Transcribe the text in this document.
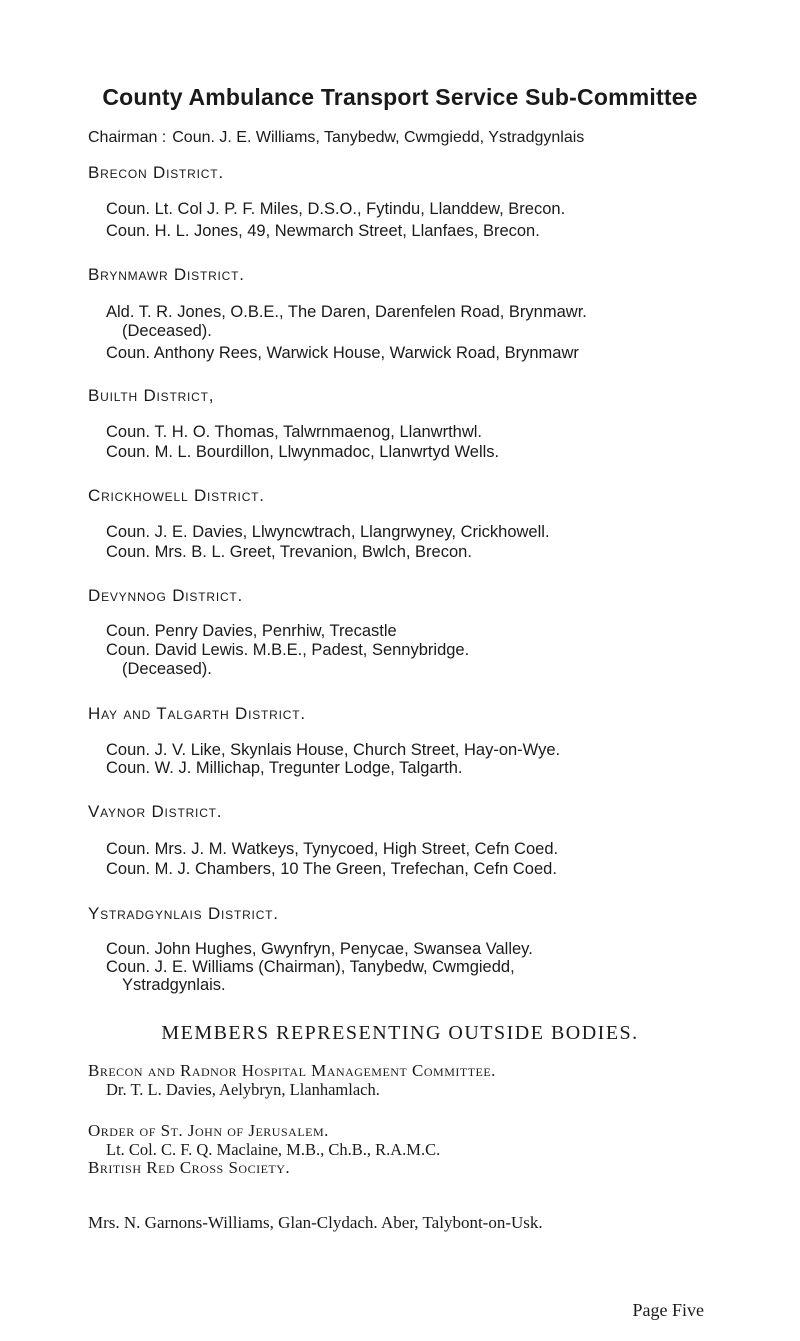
County Ambulance Transport Service Sub-Committee
Chairman : Coun. J. E. Williams, Tanybedw, Cwmgiedd, Ystradgynlais
Brecon District.
Coun. Lt. Col J. P. F. Miles, D.S.O., Fytindu, Llanddew, Brecon.
Coun. H. L. Jones, 49, Newmarch Street, Llanfaes, Brecon.
Brynmawr District.
Ald. T. R. Jones, O.B.E., The Daren, Darenfelen Road, Brynmawr.
(Deceased).
Coun. Anthony Rees, Warwick House, Warwick Road, Brynmawr
Builth District,
Coun. T. H. O. Thomas, Talwrnmaenog, Llanwrthwl.
Coun. M. L. Bourdillon, Llwynmadoc, Llanwrtyd Wells.
Crickhowell District.
Coun. J. E. Davies, Llwyncwtrach, Llangrwyney, Crickhowell.
Coun. Mrs. B. L. Greet, Trevanion, Bwlch, Brecon.
Devynnog District.
Coun. Penry Davies, Penrhiw, Trecastle
Coun. David Lewis. M.B.E., Padest, Sennybridge.
(Deceased).
Hay and Talgarth District.
Coun. J. V. Like, Skynlais House, Church Street, Hay-on-Wye.
Coun. W. J. Millichap, Tregunter Lodge, Talgarth.
Vaynor District.
Coun. Mrs. J. M. Watkeys, Tynycoed, High Street, Cefn Coed.
Coun. M. J. Chambers, 10 The Green, Trefechan, Cefn Coed.
Ystradgynlais District.
Coun. John Hughes, Gwynfryn, Penycae, Swansea Valley.
Coun. J. E. Williams (Chairman), Tanybedw, Cwmgiedd,
Ystradgynlais.
MEMBERS REPRESENTING OUTSIDE BODIES.
Brecon and Radnor Hospital Management Committee.
Dr. T. L. Davies, Aelybryn, Llanhamlach.
Order of St. John of Jerusalem.
Lt. Col. C. F. Q. Maclaine, M.B., Ch.B., R.A.M.C.
British Red Cross Society.
Mrs. N. Garnons-Williams, Glan-Clydach. Aber, Talybont-on-Usk.
Page Five
